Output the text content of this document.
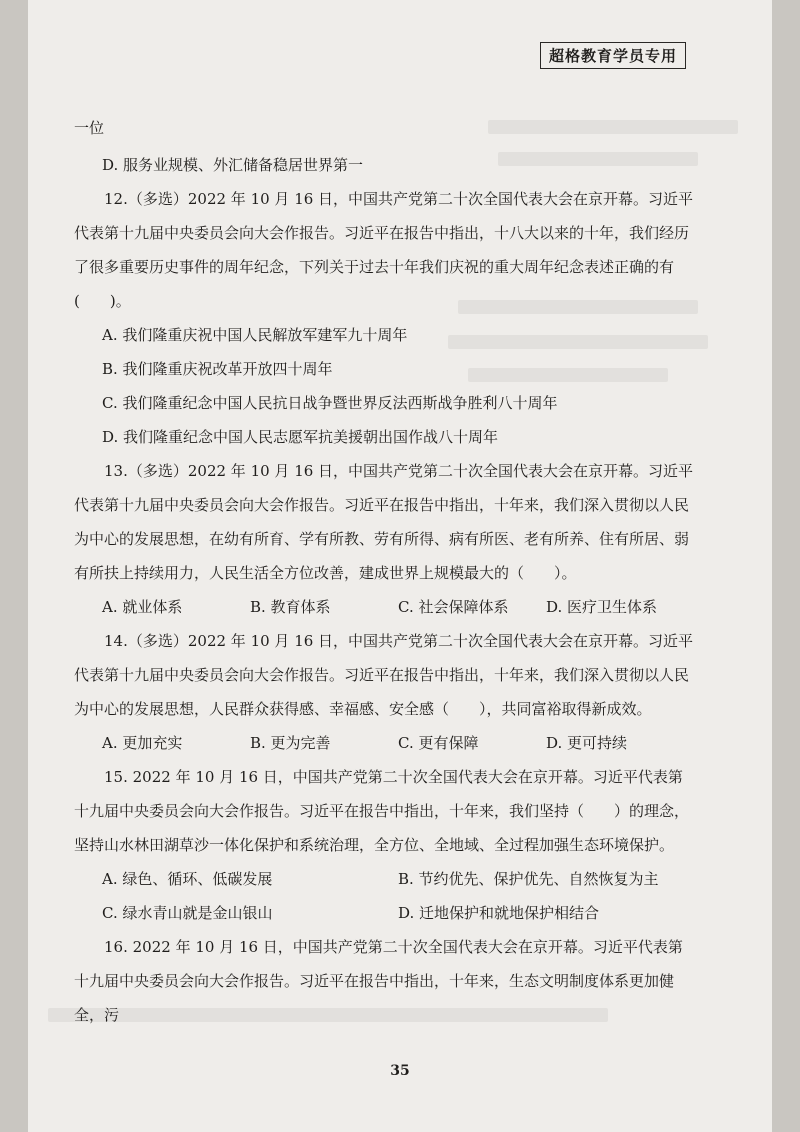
超格教育学员专用

一位

D. 服务业规模、外汇储备稳居世界第一

12.（多选）2022 年 10 月 16 日，中国共产党第二十次全国代表大会在京开幕。习近平代表第十九届中央委员会向大会作报告。习近平在报告中指出，十八大以来的十年，我们经历了很多重要历史事件的周年纪念，下列关于过去十年我们庆祝的重大周年纪念表述正确的有(　　)。

A. 我们隆重庆祝中国人民解放军建军九十周年

B. 我们隆重庆祝改革开放四十周年

C. 我们隆重纪念中国人民抗日战争暨世界反法西斯战争胜利八十周年

D. 我们隆重纪念中国人民志愿军抗美援朝出国作战八十周年

13.（多选）2022 年 10 月 16 日，中国共产党第二十次全国代表大会在京开幕。习近平代表第十九届中央委员会向大会作报告。习近平在报告中指出，十年来，我们深入贯彻以人民为中心的发展思想，在幼有所育、学有所教、劳有所得、病有所医、老有所养、住有所居、弱有所扶上持续用力，人民生活全方位改善，建成世界上规模最大的（　　）。

A. 就业体系	B. 教育体系	C. 社会保障体系	D. 医疗卫生体系

14.（多选）2022 年 10 月 16 日，中国共产党第二十次全国代表大会在京开幕。习近平代表第十九届中央委员会向大会作报告。习近平在报告中指出，十年来，我们深入贯彻以人民为中心的发展思想，人民群众获得感、幸福感、安全感（　　），共同富裕取得新成效。

A. 更加充实	B. 更为完善	C. 更有保障	D. 更可持续

15. 2022 年 10 月 16 日，中国共产党第二十次全国代表大会在京开幕。习近平代表第十九届中央委员会向大会作报告。习近平在报告中指出，十年来，我们坚持（　　）的理念，坚持山水林田湖草沙一体化保护和系统治理，全方位、全地域、全过程加强生态环境保护。

A. 绿色、循环、低碳发展	B. 节约优先、保护优先、自然恢复为主
C. 绿水青山就是金山银山	D. 迁地保护和就地保护相结合

16. 2022 年 10 月 16 日，中国共产党第二十次全国代表大会在京开幕。习近平代表第十九届中央委员会向大会作报告。习近平在报告中指出，十年来，生态文明制度体系更加健全，污

35
